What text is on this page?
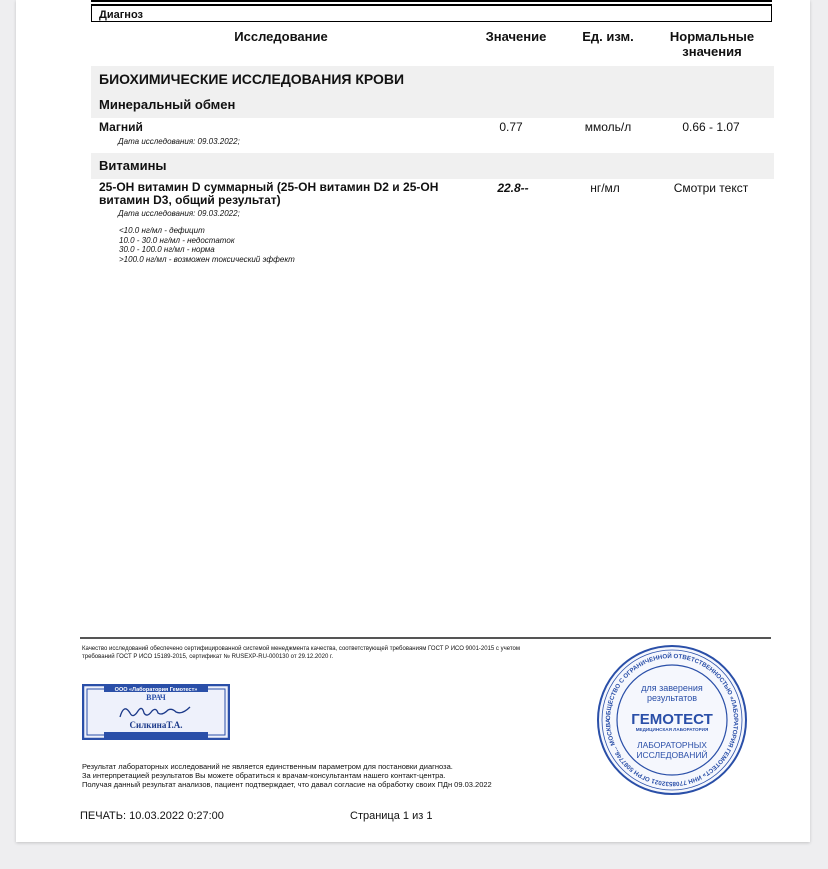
Диагноз
Исследование	Значение	Ед. изм.	Нормальные
значения
БИОХИМИЧЕСКИЕ ИССЛЕДОВАНИЯ КРОВИ
Минеральный обмен
Магний	0.77	ммоль/л	0.66 - 1.07
Дата исследования: 09.03.2022;
Витамины
25-OH витамин D суммарный (25-OH витамин D2 и 25-OH
витамин D3, общий результат)
22.8--	нг/мл	Смотри текст
Дата исследования: 09.03.2022;
<10.0 нг/мл - дефицит
10.0 - 30.0 нг/мл - недостаток
30.0 - 100.0 нг/мл - норма
>100.0 нг/мл - возможен токсический эффект
Качество исследований обеспечено сертифицированной системой менеджмента качества, соответствующей требованиям ГОСТ Р ИСО 9001-2015 с учетом
требований ГОСТ Р ИСО 15189-2015, сертификат № RUSEXP-RU-000130 от 29.12.2020 г.
ООО «Лаборатория Гемотест»
ВРАЧ
СилкинаТ.А.
Результат лабораторных исследований не является единственным параметром для постановки диагноза.
За интерпретацией результатов Вы можете обратиться к врачам-консультантам нашего контакт-центра.
Получая данный результат анализов, пациент подтверждает, что давал согласие на обработку своих ПДн 09.03.2022
ПЕЧАТЬ: 10.03.2022 0:27:00	Страница 1 из 1
ОБЩЕСТВО С ОГРАНИЧЕННОЙ ОТВЕТСТВЕННОСТЬЮ «ЛАБОРАТОРИЯ ГЕМОТЕСТ» ИНН 7708532021 ОГРН 5087746... МОСКВА
для заверения
результатов
ГЕМОТЕСТ
МЕДИЦИНСКАЯ ЛАБОРАТОРИЯ
ЛАБОРАТОРНЫХ
ИССЛЕДОВАНИЙ
